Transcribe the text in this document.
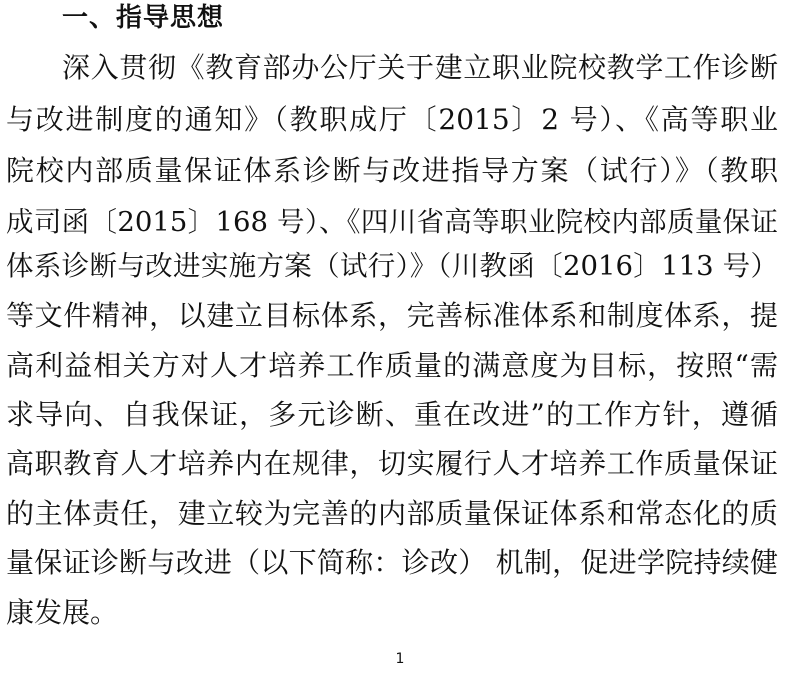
一、指导思想
深入贯彻《教育部办公厅关于建立职业院校教学工作诊断
与改进制度的通知》（教职成厅〔2015〕2 号）、《高等职业
院校内部质量保证体系诊断与改进指导方案（试行）》（教职
成司函〔2015〕168 号）、《四川省高等职业院校内部质量保证
体系诊断与改进实施方案（试行）》（川教函〔2016〕113 号）
等文件精神，以建立目标体系，完善标准体系和制度体系，提
高利益相关方对人才培养工作质量的满意度为目标，按照“需
求导向、自我保证，多元诊断、重在改进”的工作方针，遵循
高职教育人才培养内在规律，切实履行人才培养工作质量保证
的主体责任，建立较为完善的内部质量保证体系和常态化的质
量保证诊断与改进（以下简称：诊改） 机制，促进学院持续健
康发展。
1
